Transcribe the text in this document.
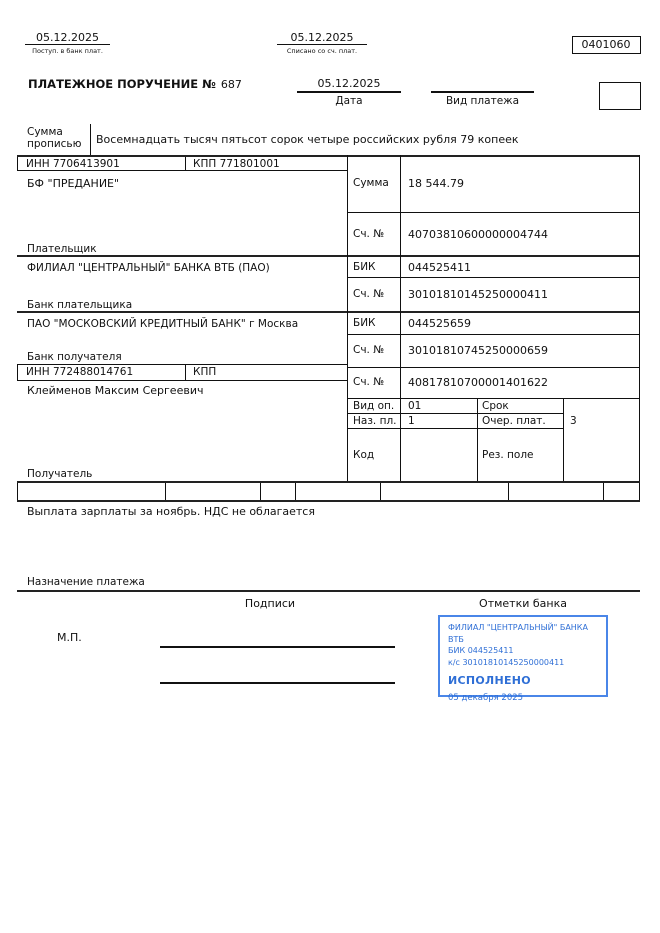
05.12.2025
Поступ. в банк плат.
05.12.2025
Списано со сч. плат.	0401060
ПЛАТЕЖНОЕ ПОРУЧЕНИЕ № 687	05.12.2025
Дата	Вид платежа
Сумма прописью	Восемнадцать тысяч пятьсот сорок четыре российских рубля 79 копеек
ИНН 7706413901	КПП 771801001
БФ "ПРЕДАНИЕ"
Плательщик
ФИЛИАЛ "ЦЕНТРАЛЬНЫЙ" БАНКА ВТБ (ПАО)
Банк плательщика
ПАО "МОСКОВСКИЙ КРЕДИТНЫЙ БАНК" г Москва
Банк получателя
ИНН 772488014761	КПП
Клейменов Максим Сергеевич
Получатель
Сумма 18 544.79
Сч. № 40703810600000004744
БИК	044525411
Сч. № 30101810145250000411
БИК	044525659
Сч. № 30101810745250000659
Сч. № 40817810700001401622
Вид оп. 01	Срок
Наз. пл. 1	Очер. плат. 3
Код	Рез. поле
Выплата зарплаты за ноябрь. НДС не облагается
Назначение платежа
Подписи	Отметки банка
М.П.
ФИЛИАЛ "ЦЕНТРАЛЬНЫЙ" БАНКА ВТБ
БИК 044525411
к/с 30101810145250000411
ИСПОЛНЕНО
05 декабря 2025
